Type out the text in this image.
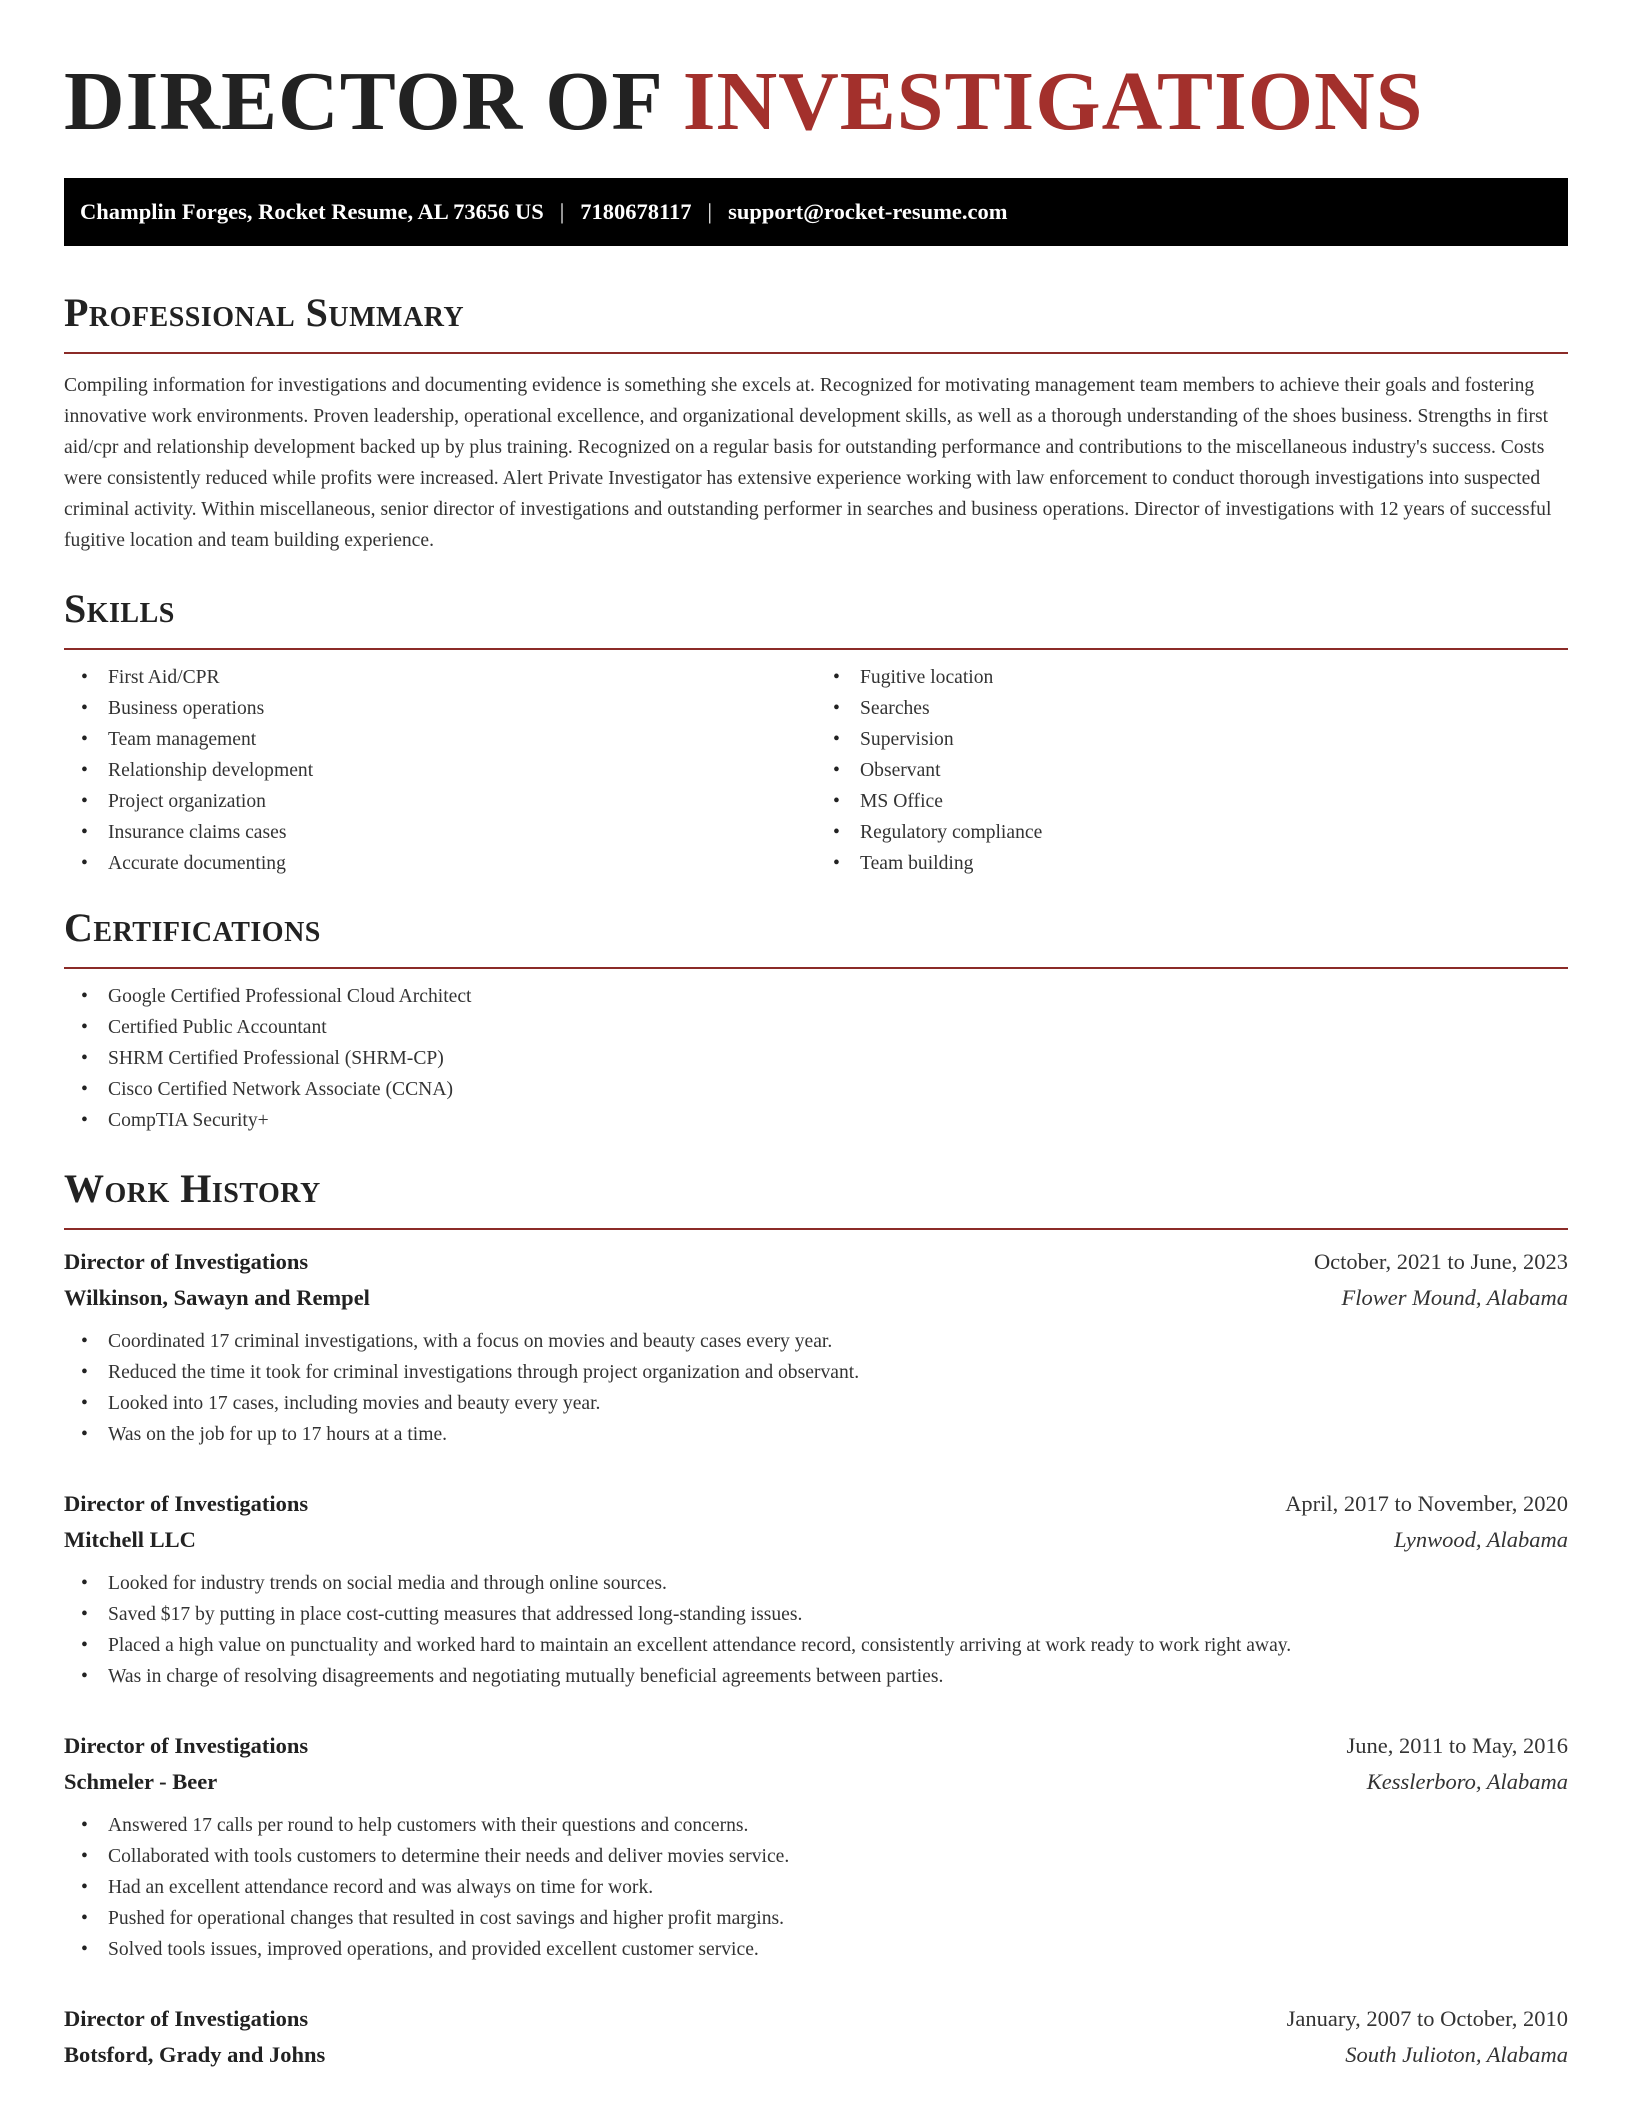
DIRECTOR OF INVESTIGATIONS
Champlin Forges, Rocket Resume, AL 73656 US | 7180678117 | support@rocket-resume.com
Professional Summary

Compiling information for investigations and documenting evidence is something she excels at. Recognized for motivating management team members to achieve their goals and fostering innovative work environments. Proven leadership, operational excellence, and organizational development skills, as well as a thorough understanding of the shoes business. Strengths in first aid/cpr and relationship development backed up by plus training. Recognized on a regular basis for outstanding performance and contributions to the miscellaneous industry's success. Costs were consistently reduced while profits were increased. Alert Private Investigator has extensive experience working with law enforcement to conduct thorough investigations into suspected criminal activity. Within miscellaneous, senior director of investigations and outstanding performer in searches and business operations. Director of investigations with 12 years of successful fugitive location and team building experience.

Skills
• First Aid/CPR
• Business operations
• Team management
• Relationship development
• Project organization
• Insurance claims cases
• Accurate documenting
• Fugitive location
• Searches
• Supervision
• Observant
• MS Office
• Regulatory compliance
• Team building
Certifications
• Google Certified Professional Cloud Architect
• Certified Public Accountant
• SHRM Certified Professional (SHRM-CP)
• Cisco Certified Network Associate (CCNA)
• CompTIA Security+
Work History
Director of Investigations	October, 2021 to June, 2023
Wilkinson, Sawayn and Rempel	Flower Mound, Alabama
• Coordinated 17 criminal investigations, with a focus on movies and beauty cases every year.
• Reduced the time it took for criminal investigations through project organization and observant.
• Looked into 17 cases, including movies and beauty every year.
• Was on the job for up to 17 hours at a time.
Director of Investigations	April, 2017 to November, 2020
Mitchell LLC	Lynwood, Alabama
• Looked for industry trends on social media and through online sources.
• Saved $17 by putting in place cost-cutting measures that addressed long-standing issues.
• Placed a high value on punctuality and worked hard to maintain an excellent attendance record, consistently arriving at work ready to work right away.
• Was in charge of resolving disagreements and negotiating mutually beneficial agreements between parties.
Director of Investigations	June, 2011 to May, 2016
Schmeler - Beer	Kesslerboro, Alabama
• Answered 17 calls per round to help customers with their questions and concerns.
• Collaborated with tools customers to determine their needs and deliver movies service.
• Had an excellent attendance record and was always on time for work.
• Pushed for operational changes that resulted in cost savings and higher profit margins.
• Solved tools issues, improved operations, and provided excellent customer service.
Director of Investigations	January, 2007 to October, 2010
Botsford, Grady and Johns	South Julioton, Alabama
